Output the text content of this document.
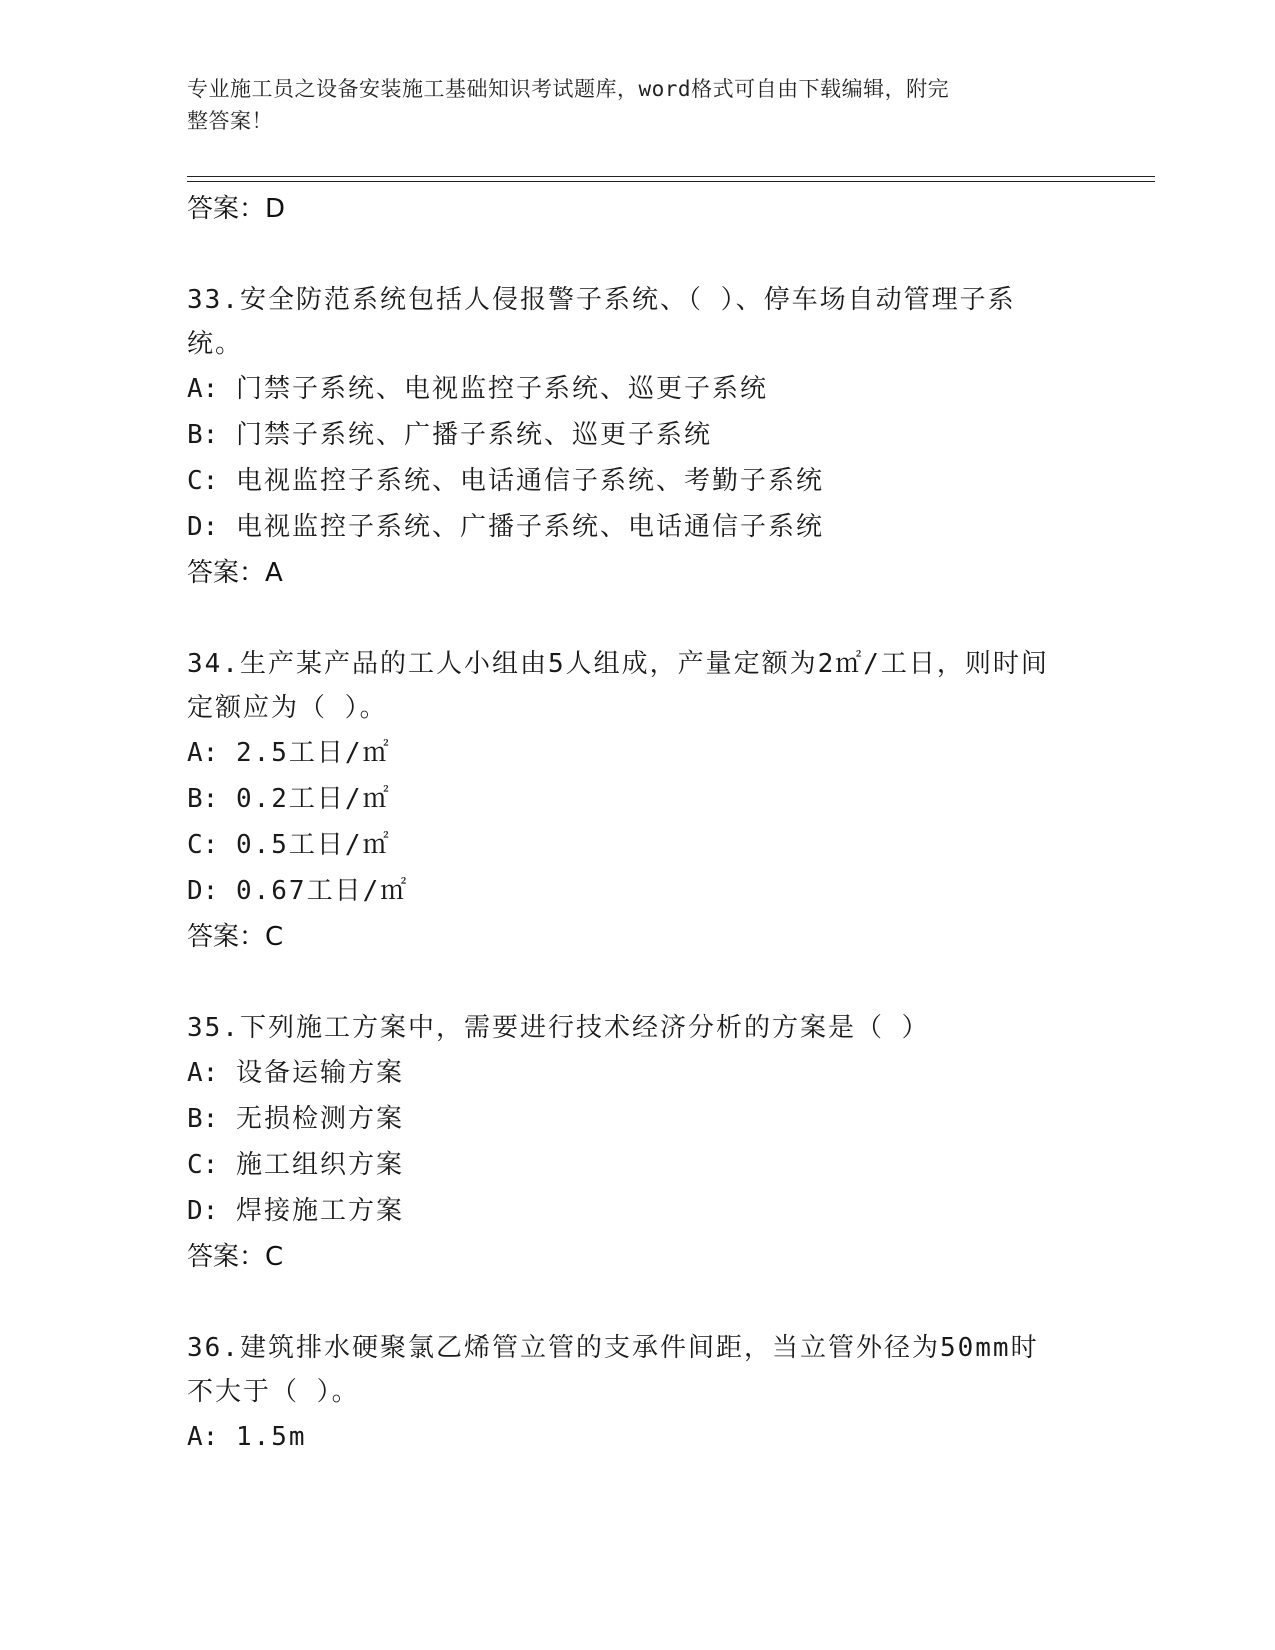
专业施工员之设备安装施工基础知识考试题库，word格式可自由下载编辑，附完
整答案！
答案：D
33.安全防范系统包括人侵报警子系统、（ ）、停车场自动管理子系
统。
A: 门禁子系统、电视监控子系统、巡更子系统
B: 门禁子系统、广播子系统、巡更子系统
C: 电视监控子系统、电话通信子系统、考勤子系统
D: 电视监控子系统、广播子系统、电话通信子系统
答案：A
34.生产某产品的工人小组由5人组成，产量定额为2㎡/工日，则时间
定额应为（ ）。
A: 2.5工日/㎡
B: 0.2工日/㎡
C: 0.5工日/㎡
D: 0.67工日/㎡
答案：C
35.下列施工方案中，需要进行技术经济分析的方案是（ ）
A: 设备运输方案
B: 无损检测方案
C: 施工组织方案
D: 焊接施工方案
答案：C
36.建筑排水硬聚氯乙烯管立管的支承件间距，当立管外径为50mm时
不大于（ ）。
A: 1.5m
